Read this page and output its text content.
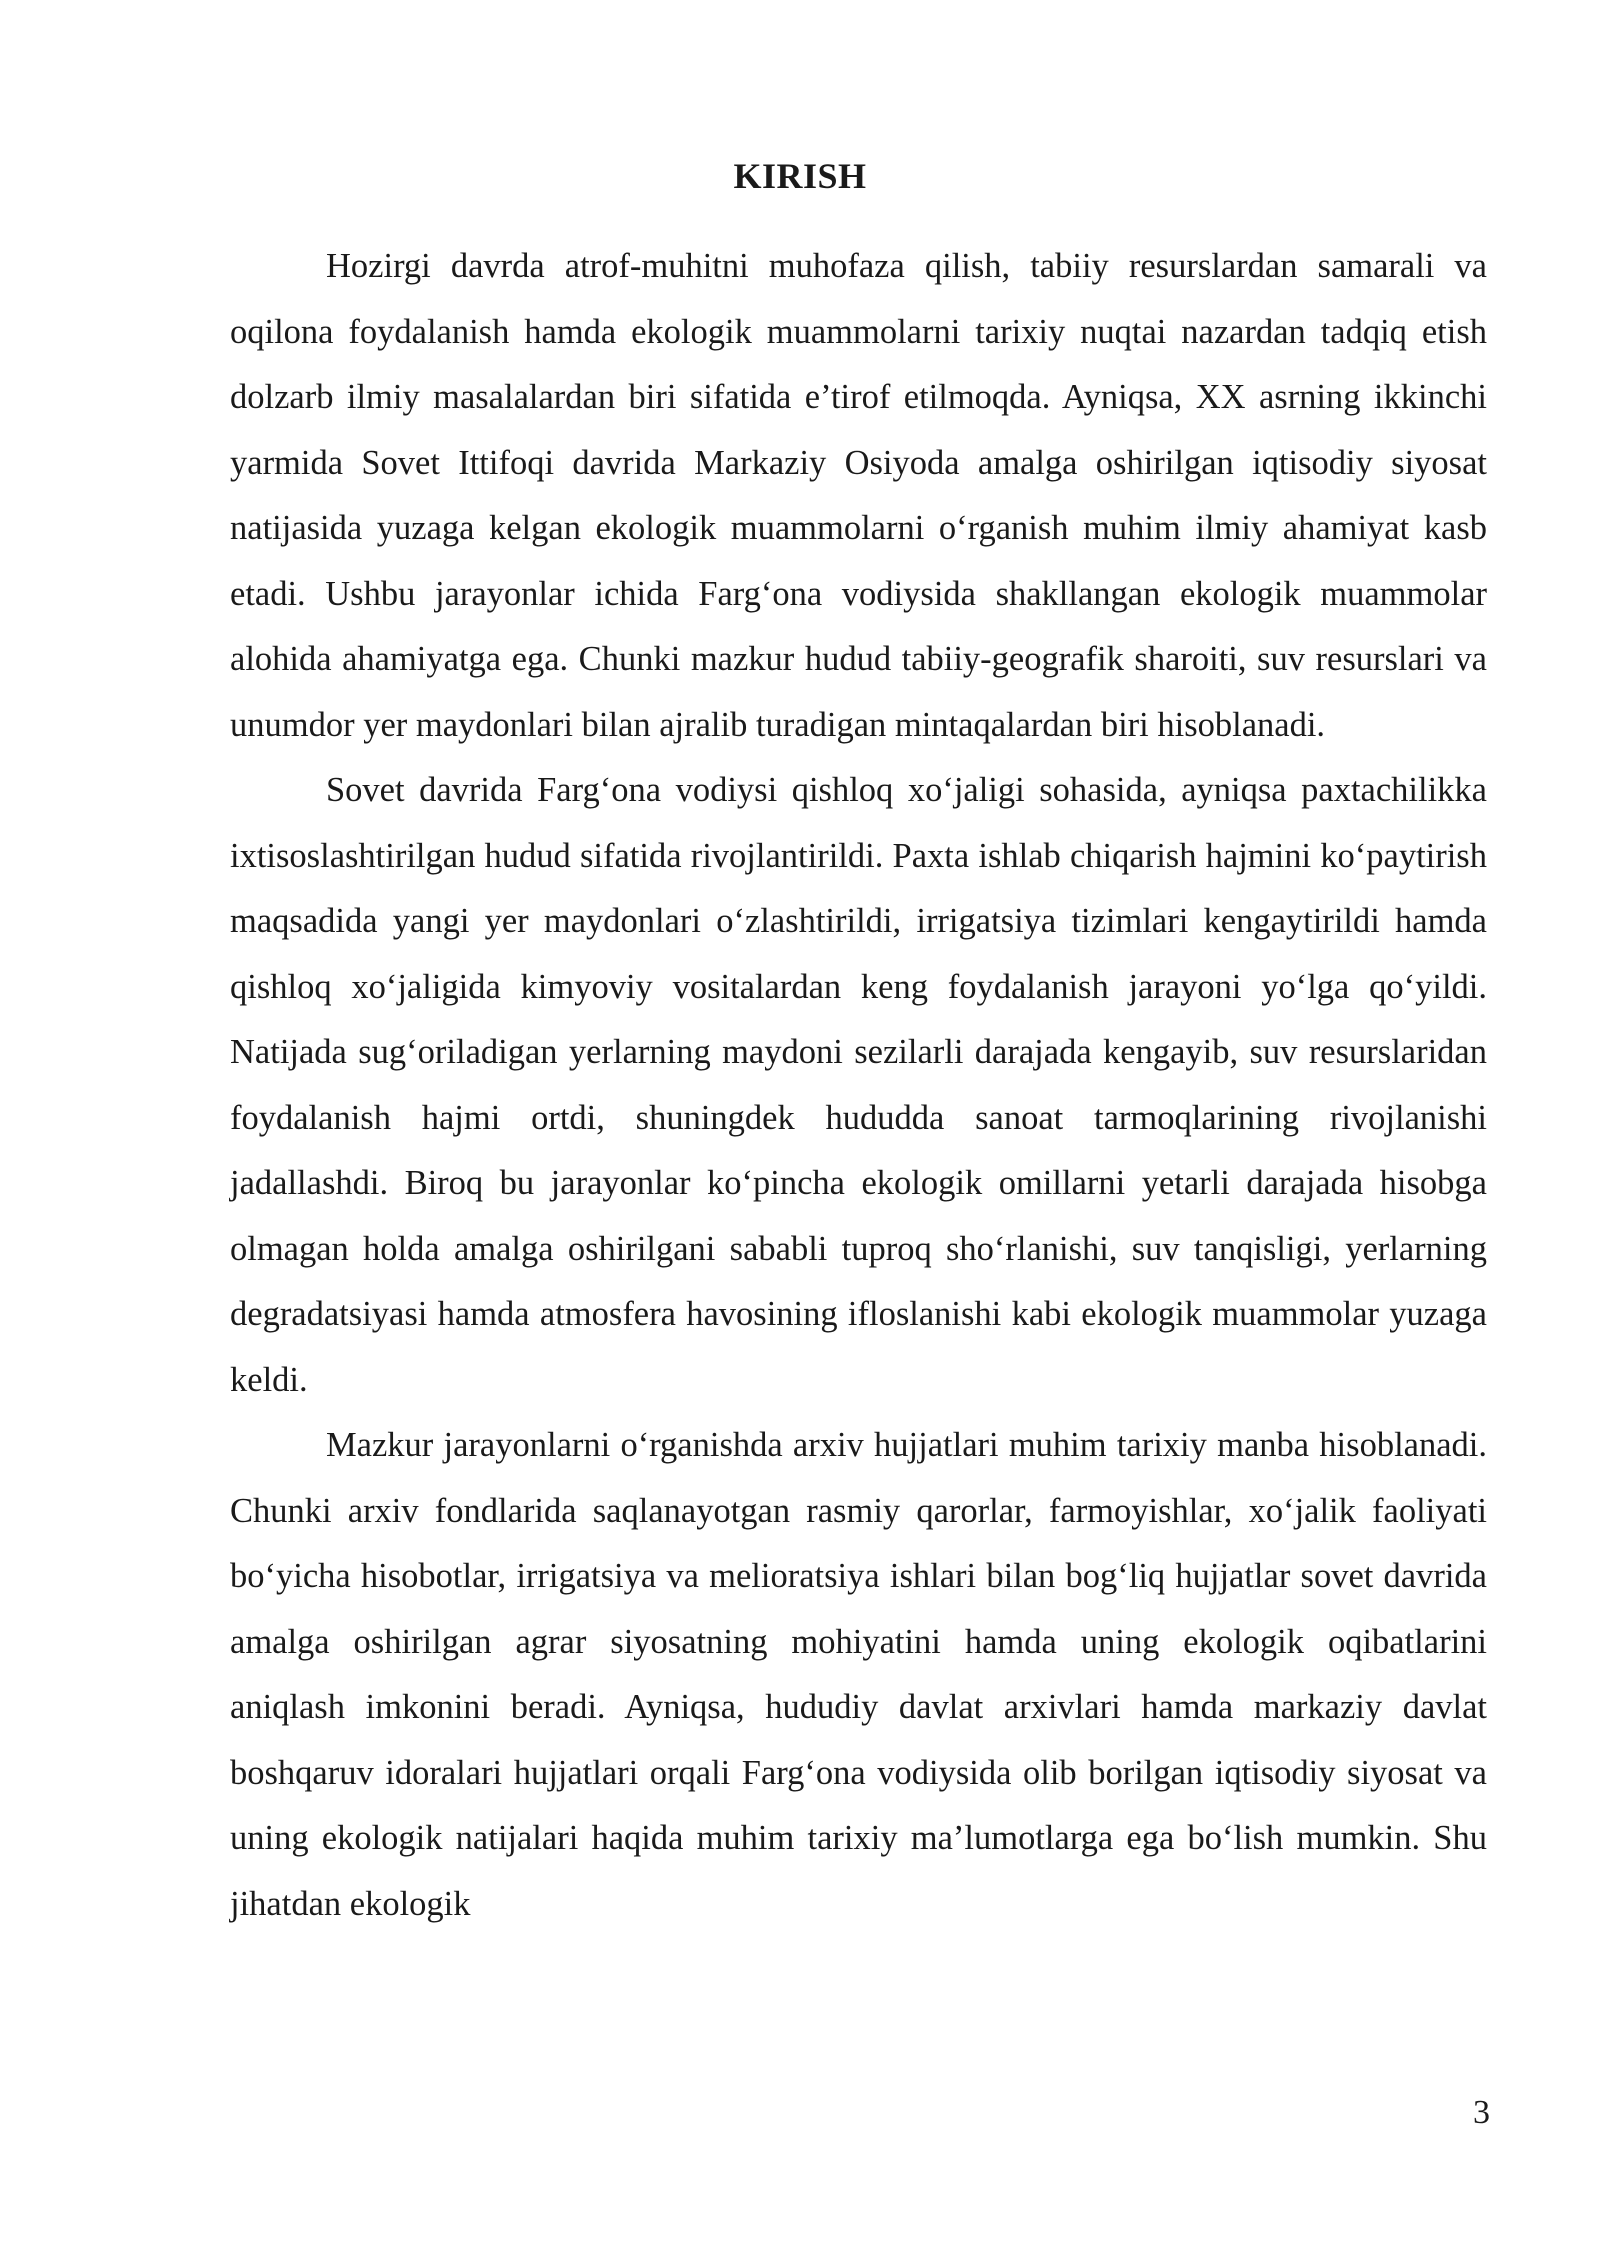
KIRISH

Hozirgi davrda atrof-muhitni muhofaza qilish, tabiiy resurslardan samarali va oqilona foydalanish hamda ekologik muammolarni tarixiy nuqtai nazardan tadqiq etish dolzarb ilmiy masalalardan biri sifatida e’tirof etilmoqda. Ayniqsa, XX asrning ikkinchi yarmida Sovet Ittifoqi davrida Markaziy Osiyoda amalga oshirilgan iqtisodiy siyosat natijasida yuzaga kelgan ekologik muammolarni o‘rganish muhim ilmiy ahamiyat kasb etadi. Ushbu jarayonlar ichida Farg‘ona vodiysida shakllangan ekologik muammolar alohida ahamiyatga ega. Chunki mazkur hudud tabiiy-geografik sharoiti, suv resurslari va unumdor yer maydonlari bilan ajralib turadigan mintaqalardan biri hisoblanadi.

Sovet davrida Farg‘ona vodiysi qishloq xo‘jaligi sohasida, ayniqsa paxtachilikka ixtisoslashtirilgan hudud sifatida rivojlantirildi. Paxta ishlab chiqarish hajmini ko‘paytirish maqsadida yangi yer maydonlari o‘zlashtirildi, irrigatsiya tizimlari kengaytirildi hamda qishloq xo‘jaligida kimyoviy vositalardan keng foydalanish jarayoni yo‘lga qo‘yildi. Natijada sug‘oriladigan yerlarning maydoni sezilarli darajada kengayib, suv resurslaridan foydalanish hajmi ortdi, shuningdek hududda sanoat tarmoqlarining rivojlanishi jadallashdi. Biroq bu jarayonlar ko‘pincha ekologik omillarni yetarli darajada hisobga olmagan holda amalga oshirilgani sababli tuproq sho‘rlanishi, suv tanqisligi, yerlarning degradatsiyasi hamda atmosfera havosining ifloslanishi kabi ekologik muammolar yuzaga keldi.

Mazkur jarayonlarni o‘rganishda arxiv hujjatlari muhim tarixiy manba hisoblanadi. Chunki arxiv fondlarida saqlanayotgan rasmiy qarorlar, farmoyishlar, xo‘jalik faoliyati bo‘yicha hisobotlar, irrigatsiya va melioratsiya ishlari bilan bog‘liq hujjatlar sovet davrida amalga oshirilgan agrar siyosatning mohiyatini hamda uning ekologik oqibatlarini aniqlash imkonini beradi. Ayniqsa, hududiy davlat arxivlari hamda markaziy davlat boshqaruv idoralari hujjatlari orqali Farg‘ona vodiysida olib borilgan iqtisodiy siyosat va uning ekologik natijalari haqida muhim tarixiy ma’lumotlarga ega bo‘lish mumkin. Shu jihatdan ekologik

3
